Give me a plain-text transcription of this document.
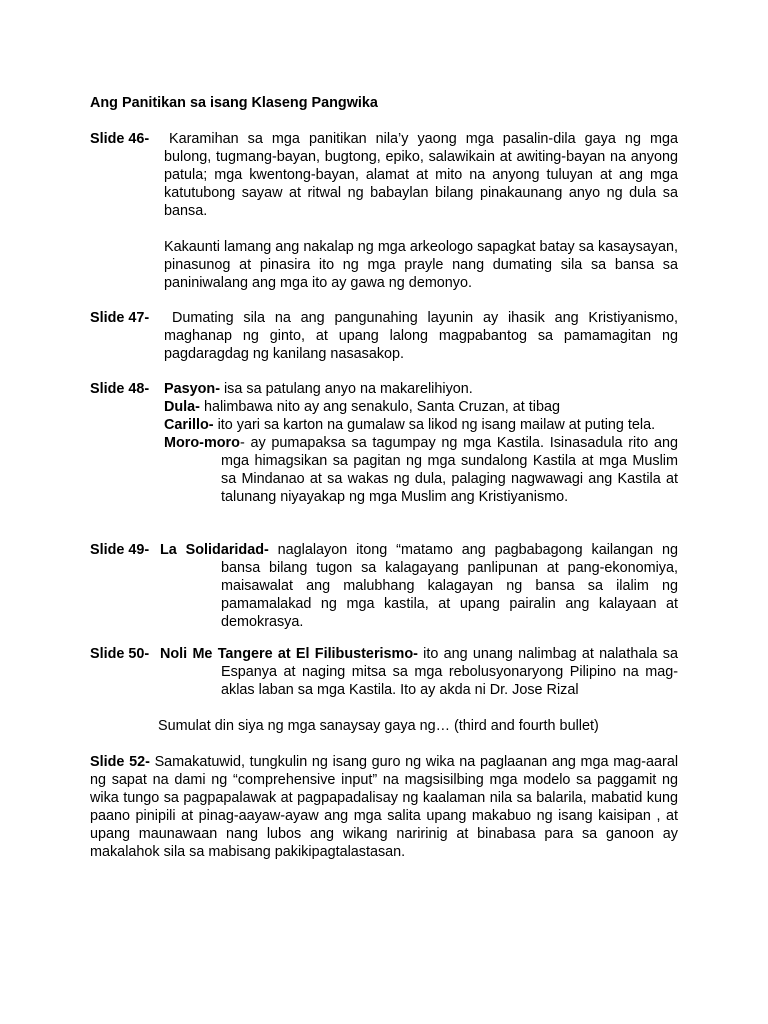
Ang Panitikan sa isang Klaseng Pangwika
Slide 46-	Karamihan sa mga panitikan nila’y yaong mga pasalin-dila gaya ng mga bulong, tugmang-bayan, bugtong, epiko, salawikain at awiting-bayan na anyong patula; mga kwentong-bayan, alamat at mito na anyong tuluyan at ang mga katutubong sayaw at ritwal ng babaylan bilang pinakaunang anyo ng dula sa bansa.
Kakaunti lamang ang nakalap ng mga arkeologo sapagkat batay sa kasaysayan, pinasunog at pinasira ito ng mga prayle nang dumating sila sa bansa sa paniniwalang ang mga ito ay gawa ng demonyo.
Slide 47-	Dumating sila na ang pangunahing layunin ay ihasik ang Kristiyanismo, maghanap ng ginto, at upang lalong magpabantog sa pamamagitan ng pagdaragdag ng kanilang nasasakop.
Slide 48- Pasyon- isa sa patulang anyo na makarelihiyon.
Dula- halimbawa nito ay ang senakulo, Santa Cruzan, at tibag
Carillo- ito yari sa karton na gumalaw sa likod ng isang mailaw at puting tela.
Moro-moro- ay pumapaksa sa tagumpay ng mga Kastila. Isinasadula rito ang mga himagsikan sa pagitan ng mga sundalong Kastila at mga Muslim sa Mindanao at sa wakas ng dula, palaging nagwawagi ang Kastila at talunang niyayakap ng mga Muslim ang Kristiyanismo.
Slide 49- La Solidaridad- naglalayon itong “matamo ang pagbabagong kailangan ng bansa bilang tugon sa kalagayang panlipunan at pang-ekonomiya, maisawalat ang malubhang kalagayan ng bansa sa ilalim ng pamamalakad ng mga kastila, at upang pairalin ang kalayaan at demokrasya.
Slide 50- Noli Me Tangere at El Filibusterismo- ito ang unang nalimbag at nalathala sa Espanya at naging mitsa sa mga rebolusyonaryong Pilipino na mag-aklas laban sa mga Kastila. Ito ay akda ni Dr. Jose Rizal
Sumulat din siya ng mga sanaysay gaya ng… (third and fourth bullet)
Slide 52- Samakatuwid, tungkulin ng isang guro ng wika na paglaanan ang mga mag-aaral ng sapat na dami ng “comprehensive input” na magsisilbing mga modelo sa paggamit ng wika tungo sa pagpapalawak at pagpapadalisay ng kaalaman nila sa balarila, mabatid kung paano pinipili at pinag-aayaw-ayaw ang mga salita upang makabuo ng isang kaisipan , at upang maunawaan nang lubos ang wikang naririnig at binabasa para sa ganoon ay makalahok sila sa mabisang pakikipagtalastasan.
